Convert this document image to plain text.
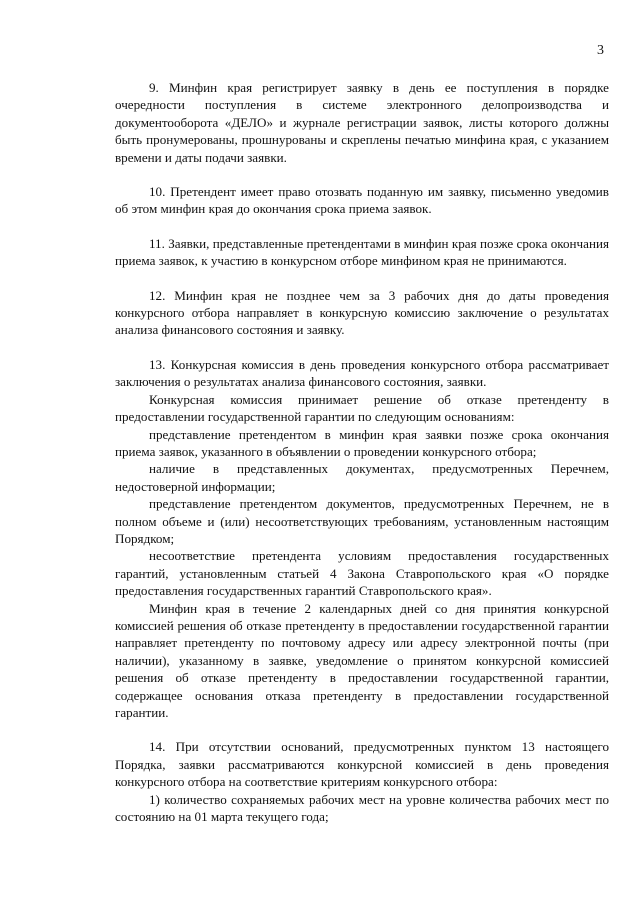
3

9. Минфин края регистрирует заявку в день ее поступления в порядке очередности поступления в системе электронного делопроизводства и документооборота «ДЕЛО» и журнале регистрации заявок, листы которого должны быть пронумерованы, прошнурованы и скреплены печатью минфина края, с указанием времени и даты подачи заявки.

10. Претендент имеет право отозвать поданную им заявку, письменно уведомив об этом минфин края до окончания срока приема заявок.

11. Заявки, представленные претендентами в минфин края позже срока окончания приема заявок, к участию в конкурсном отборе минфином края не принимаются.

12. Минфин края не позднее чем за 3 рабочих дня до даты проведения конкурсного отбора направляет в конкурсную комиссию заключение о результатах анализа финансового состояния и заявку.

13. Конкурсная комиссия в день проведения конкурсного отбора рассматривает заключения о результатах анализа финансового состояния, заявки.

Конкурсная комиссия принимает решение об отказе претенденту в предоставлении государственной гарантии по следующим основаниям:

представление претендентом в минфин края заявки позже срока окончания приема заявок, указанного в объявлении о проведении конкурсного отбора;

наличие в представленных документах, предусмотренных Перечнем, недостоверной информации;

представление претендентом документов, предусмотренных Перечнем, не в полном объеме и (или) несоответствующих требованиям, установленным настоящим Порядком;

несоответствие претендента условиям предоставления государственных гарантий, установленным статьей 4 Закона Ставропольского края «О порядке предоставления государственных гарантий Ставропольского края».

Минфин края в течение 2 календарных дней со дня принятия конкурсной комиссией решения об отказе претенденту в предоставлении государственной гарантии направляет претенденту по почтовому адресу или адресу электронной почты (при наличии), указанному в заявке, уведомление о принятом конкурсной комиссией решения об отказе претенденту в предоставлении государственной гарантии, содержащее основания отказа претенденту в предоставлении государственной гарантии.

14. При отсутствии оснований, предусмотренных пунктом 13 настоящего Порядка, заявки рассматриваются конкурсной комиссией в день проведения конкурсного отбора на соответствие критериям конкурсного отбора:

1) количество сохраняемых рабочих мест на уровне количества рабочих мест по состоянию на 01 марта текущего года;
